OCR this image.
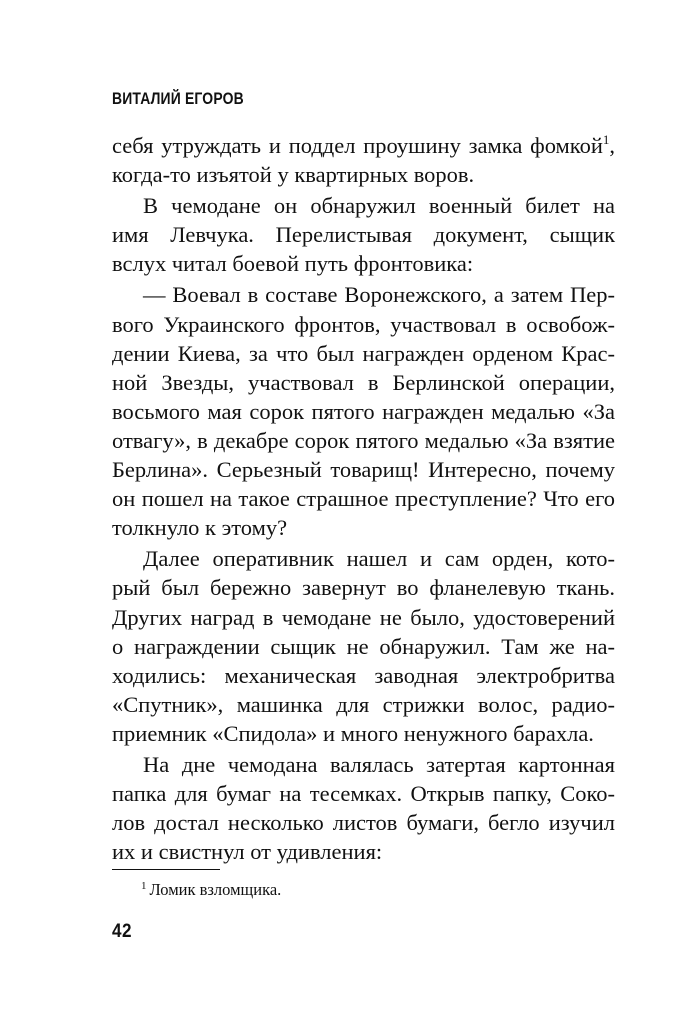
ВИТАЛИЙ ЕГОРОВ
себя утруждать и поддел проушину замка фомкой$^1$,
когда-то изъятой у квартирных воров.
В чемодане он обнаружил военный билет на
имя Левчука. Перелистывая документ, сыщик
вслух читал боевой путь фронтовика:
— Воевал в составе Воронежского, а затем Пер-
вого Украинского фронтов, участвовал в освобож-
дении Киева, за что был награжден орденом Крас-
ной Звезды, участвовал в Берлинской операции,
восьмого мая сорок пятого награжден медалью «За
отвагу», в декабре сорок пятого медалью «За взятие
Берлина». Серьезный товарищ! Интересно, почему
он пошел на такое страшное преступление? Что его
толкнуло к этому?
Далее оперативник нашел и сам орден, кото-
рый был бережно завернут во фланелевую ткань.
Других наград в чемодане не было, удостоверений
о награждении сыщик не обнаружил. Там же на-
ходились: механическая заводная электробритва
«Спутник», машинка для стрижки волос, радио-
приемник «Спидола» и много ненужного барахла.
На дне чемодана валялась затертая картонная
папка для бумаг на тесемках. Открыв папку, Соко-
лов достал несколько листов бумаги, бегло изучил
их и свистнул от удивления:
$^1$ Ломик взломщика.
42
